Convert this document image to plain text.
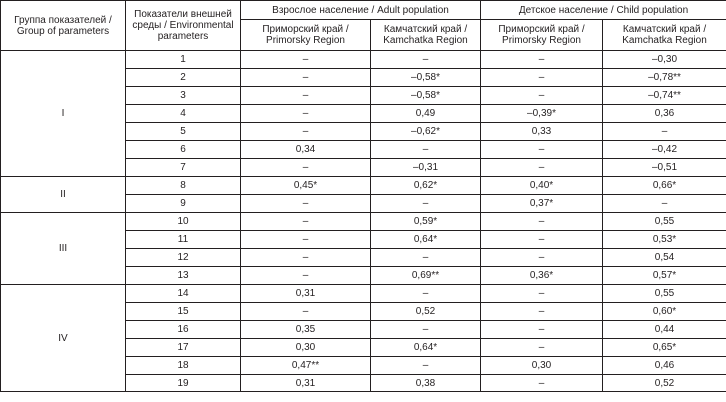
Группа показателей / Group of parameters	Показатели внешней среды / Environmental parameters	Взрослое население / Adult population		Детское население / Child population	
		Приморский край / Primorsky Region	Камчатский край / Kamchatka Region	Приморский край / Primorsky Region	Камчатский край / Kamchatka Region
I	1	–	–	–	–0,30
	2	–	–0,58*	–	–0,78**
	3	–	–0,58*	–	–0,74**
	4	–	0,49	–0,39*	0,36
	5	–	–0,62*	0,33	–
	6	0,34	–	–	–0,42
	7	–	–0,31	–	–0,51
II	8	0,45*	0,62*	0,40*	0,66*
	9	–	–	0,37*	–
III	10	–	0,59*	–	0,55
	11	–	0,64*	–	0,53*
	12	–	–	–	0,54
	13	–	0,69**	0,36*	0,57*
IV	14	0,31	–	–	0,55
	15	–	0,52	–	0,60*
	16	0,35	–	–	0,44
	17	0,30	0,64*	–	0,65*
	18	0,47**	–	0,30	0,46
	19	0,31	0,38	–	0,52
